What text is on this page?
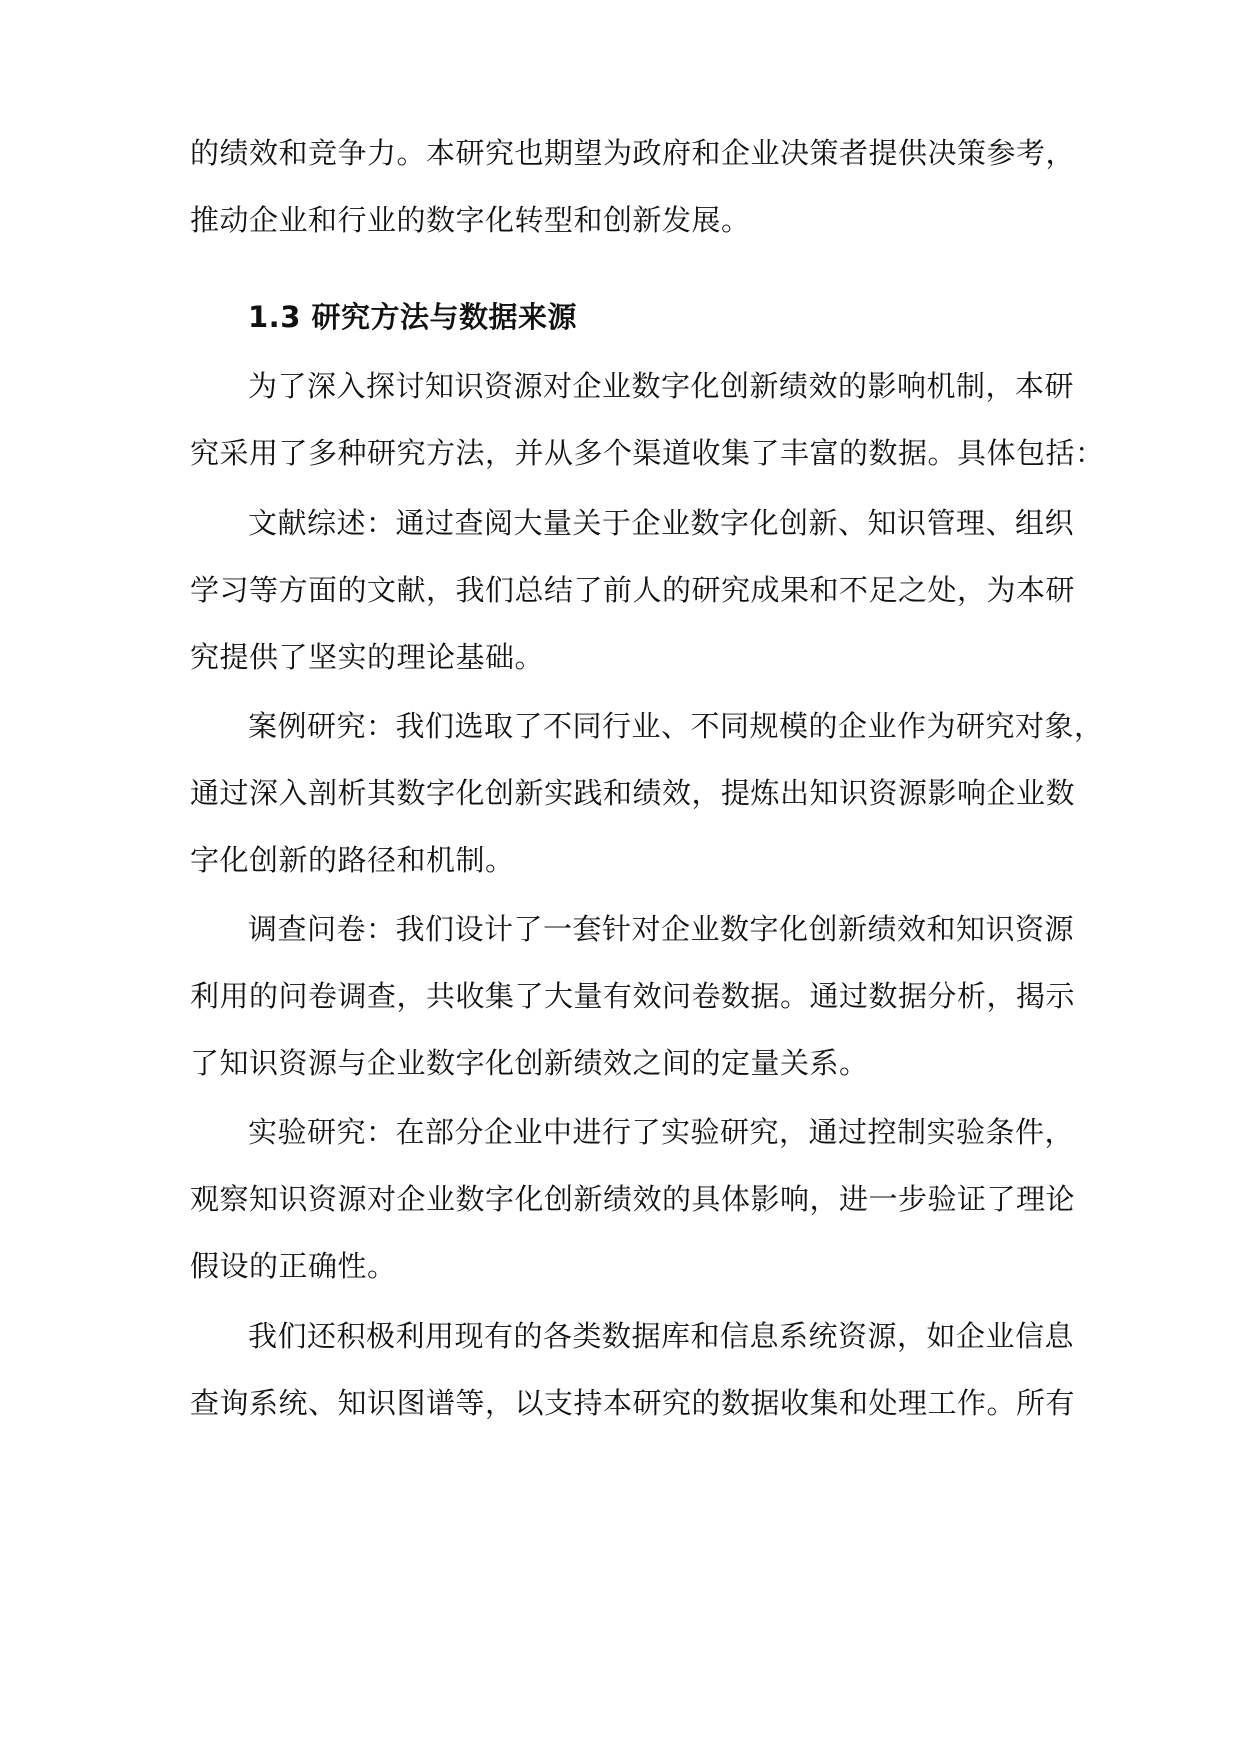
的绩效和竞争力。本研究也期望为政府和企业决策者提供决策参考，
推动企业和行业的数字化转型和创新发展。
1.3 研究方法与数据来源
为了深入探讨知识资源对企业数字化创新绩效的影响机制，本研
究采用了多种研究方法，并从多个渠道收集了丰富的数据。具体包括：
文献综述：通过查阅大量关于企业数字化创新、知识管理、组织
学习等方面的文献，我们总结了前人的研究成果和不足之处，为本研
究提供了坚实的理论基础。
案例研究：我们选取了不同行业、不同规模的企业作为研究对象，
通过深入剖析其数字化创新实践和绩效，提炼出知识资源影响企业数
字化创新的路径和机制。
调查问卷：我们设计了一套针对企业数字化创新绩效和知识资源
利用的问卷调查，共收集了大量有效问卷数据。通过数据分析，揭示
了知识资源与企业数字化创新绩效之间的定量关系。
实验研究：在部分企业中进行了实验研究，通过控制实验条件，
观察知识资源对企业数字化创新绩效的具体影响，进一步验证了理论
假设的正确性。
我们还积极利用现有的各类数据库和信息系统资源，如企业信息
查询系统、知识图谱等，以支持本研究的数据收集和处理工作。所有
